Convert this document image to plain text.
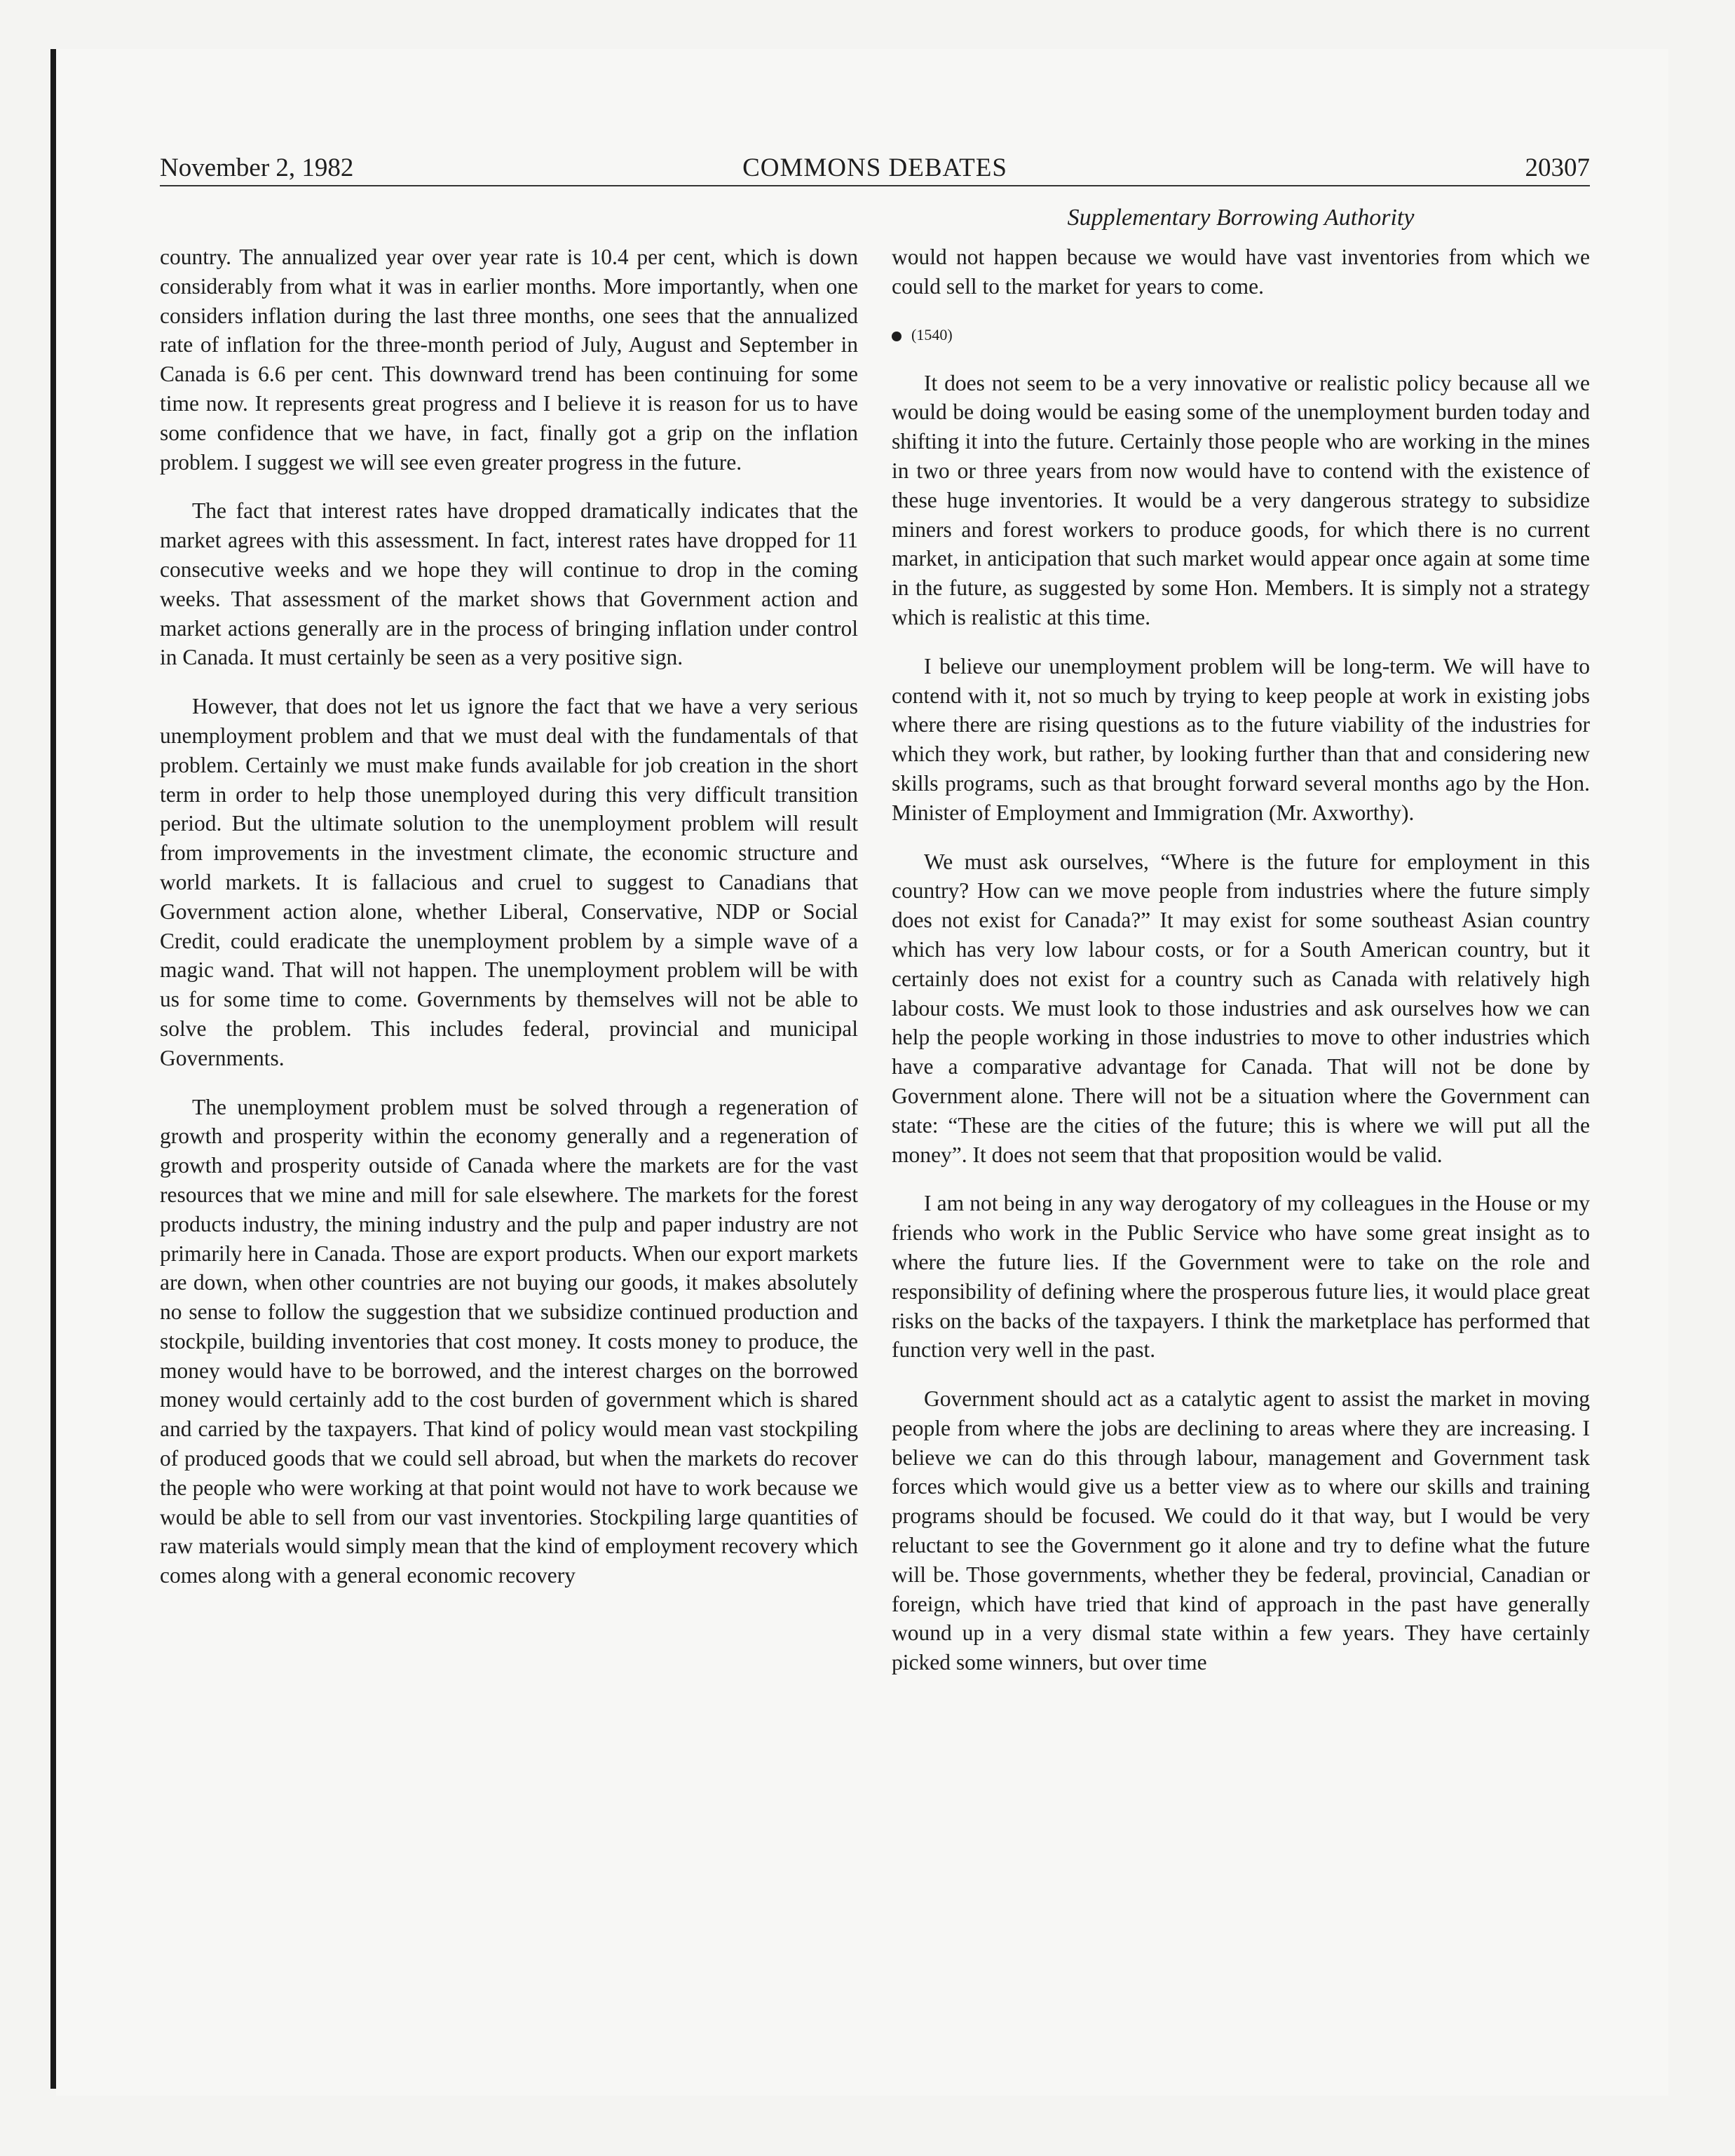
November 2, 1982	COMMONS DEBATES	20307
Supplementary Borrowing Authority

country. The annualized year over year rate is 10.4 per cent, which is down considerably from what it was in earlier months. More importantly, when one considers inflation during the last three months, one sees that the annualized rate of inflation for the three-month period of July, August and September in Canada is 6.6 per cent. This downward trend has been continuing for some time now. It represents great progress and I believe it is reason for us to have some confidence that we have, in fact, finally got a grip on the inflation problem. I suggest we will see even greater progress in the future.

The fact that interest rates have dropped dramatically indicates that the market agrees with this assessment. In fact, interest rates have dropped for 11 consecutive weeks and we hope they will continue to drop in the coming weeks. That assessment of the market shows that Government action and market actions generally are in the process of bringing inflation under control in Canada. It must certainly be seen as a very positive sign.

However, that does not let us ignore the fact that we have a very serious unemployment problem and that we must deal with the fundamentals of that problem. Certainly we must make funds available for job creation in the short term in order to help those unemployed during this very difficult transition period. But the ultimate solution to the unemployment problem will result from improvements in the investment climate, the economic structure and world markets. It is fallacious and cruel to suggest to Canadians that Government action alone, whether Liberal, Conservative, NDP or Social Credit, could eradicate the unemployment problem by a simple wave of a magic wand. That will not happen. The unemployment problem will be with us for some time to come. Governments by themselves will not be able to solve the problem. This includes federal, provincial and municipal Governments.

The unemployment problem must be solved through a regeneration of growth and prosperity within the economy generally and a regeneration of growth and prosperity outside of Canada where the markets are for the vast resources that we mine and mill for sale elsewhere. The markets for the forest products industry, the mining industry and the pulp and paper industry are not primarily here in Canada. Those are export products. When our export markets are down, when other countries are not buying our goods, it makes absolutely no sense to follow the suggestion that we subsidize continued production and stockpile, building inventories that cost money. It costs money to produce, the money would have to be borrowed, and the interest charges on the borrowed money would certainly add to the cost burden of government which is shared and carried by the taxpayers. That kind of policy would mean vast stockpiling of produced goods that we could sell abroad, but when the markets do recover the people who were working at that point would not have to work because we would be able to sell from our vast inventories. Stockpiling large quantities of raw materials would simply mean that the kind of employment recovery which comes along with a general economic recovery

would not happen because we would have vast inventories from which we could sell to the market for years to come.

(1540)

It does not seem to be a very innovative or realistic policy because all we would be doing would be easing some of the unemployment burden today and shifting it into the future. Certainly those people who are working in the mines in two or three years from now would have to contend with the existence of these huge inventories. It would be a very dangerous strategy to subsidize miners and forest workers to produce goods, for which there is no current market, in anticipation that such market would appear once again at some time in the future, as suggested by some Hon. Members. It is simply not a strategy which is realistic at this time.

I believe our unemployment problem will be long-term. We will have to contend with it, not so much by trying to keep people at work in existing jobs where there are rising questions as to the future viability of the industries for which they work, but rather, by looking further than that and considering new skills programs, such as that brought forward several months ago by the Hon. Minister of Employment and Immigration (Mr. Axworthy).

We must ask ourselves, “Where is the future for employment in this country? How can we move people from industries where the future simply does not exist for Canada?” It may exist for some southeast Asian country which has very low labour costs, or for a South American country, but it certainly does not exist for a country such as Canada with relatively high labour costs. We must look to those industries and ask ourselves how we can help the people working in those industries to move to other industries which have a comparative advantage for Canada. That will not be done by Government alone. There will not be a situation where the Government can state: “These are the cities of the future; this is where we will put all the money”. It does not seem that that proposition would be valid.

I am not being in any way derogatory of my colleagues in the House or my friends who work in the Public Service who have some great insight as to where the future lies. If the Government were to take on the role and responsibility of defining where the prosperous future lies, it would place great risks on the backs of the taxpayers. I think the marketplace has performed that function very well in the past.

Government should act as a catalytic agent to assist the market in moving people from where the jobs are declining to areas where they are increasing. I believe we can do this through labour, management and Government task forces which would give us a better view as to where our skills and training programs should be focused. We could do it that way, but I would be very reluctant to see the Government go it alone and try to define what the future will be. Those governments, whether they be federal, provincial, Canadian or foreign, which have tried that kind of approach in the past have generally wound up in a very dismal state within a few years. They have certainly picked some winners, but over time
